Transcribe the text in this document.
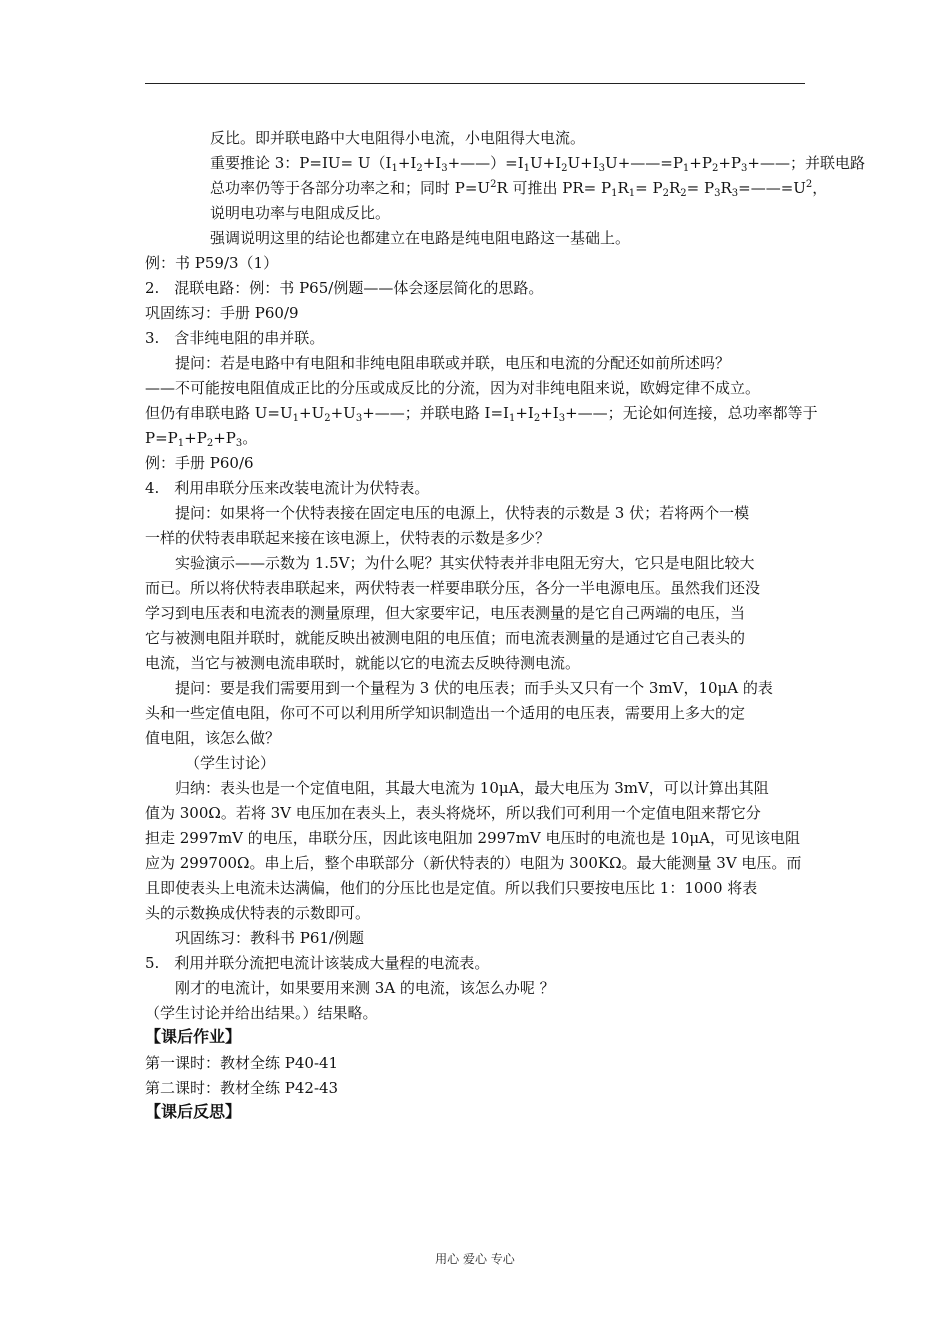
反比。即并联电路中大电阻得小电流，小电阻得大电流。
重要推论 3：$P=IU= U(I_1+I_2+I_3+——)=I_1U+I_2U+I_3U+——=P_1+P_2+P_3+——$；并联电路
总功率仍等于各部分功率之和；同时 $P=U^2R$ 可推出 $PR= P_1R_1= P_2R_2=$ $P_3R_3=——=U^2$，
说明电功率与电阻成反比。
强调说明这里的结论也都建立在电路是纯电阻电路这一基础上。
例：书 P59/3（1）
2.　混联电路：例：书 P65/例题——体会逐层简化的思路。
巩固练习：手册 P60/9
3.　含非纯电阻的串并联。
提问：若是电路中有电阻和非纯电阻串联或并联，电压和电流的分配还如前所述吗？
——不可能按电阻值成正比的分压或成反比的分流，因为对非纯电阻来说，欧姆定律不成立。
但仍有串联电路 $U=U_1+U_2+U_3+——$；并联电路 $I=I_1+I_2+I_3+——$；无论如何连接，总功率都等于
$P=P_1+P_2+P_3$。
例：手册 P60/6
4.　利用串联分压来改装电流计为伏特表。
提问：如果将一个伏特表接在固定电压的电源上，伏特表的示数是 3 伏；若将两个一模
一样的伏特表串联起来接在该电源上，伏特表的示数是多少？
实验演示——示数为 1.5V；为什么呢？其实伏特表并非电阻无穷大，它只是电阻比较大
而已。所以将伏特表串联起来，两伏特表一样要串联分压，各分一半电源电压。虽然我们还没
学习到电压表和电流表的测量原理，但大家要牢记，电压表测量的是它自己两端的电压，当
它与被测电阻并联时，就能反映出被测电阻的电压值；而电流表测量的是通过它自己表头的
电流，当它与被测电流串联时，就能以它的电流去反映待测电流。
提问：要是我们需要用到一个量程为 3 伏的电压表；而手头又只有一个 3mV，10μA 的表
头和一些定值电阻，你可不可以利用所学知识制造出一个适用的电压表，需要用上多大的定
值电阻，该怎么做？
（学生讨论）
归纳：表头也是一个定值电阻，其最大电流为 10μA，最大电压为 3mV，可以计算出其阻
值为 300Ω。若将 3V 电压加在表头上，表头将烧坏，所以我们可利用一个定值电阻来帮它分
担走 2997mV 的电压，串联分压，因此该电阻加 2997mV 电压时的电流也是 10μA，可见该电阻
应为 299700Ω。串上后，整个串联部分（新伏特表的）电阻为 300KΩ。最大能测量 3V 电压。而
且即使表头上电流未达满偏，他们的分压比也是定值。所以我们只要按电压比 1：1000 将表
头的示数换成伏特表的示数即可。
巩固练习：教科书 P61/例题
5.　利用并联分流把电流计该装成大量程的电流表。
刚才的电流计，如果要用来测 3A 的电流，该怎么办呢 ？
（学生讨论并给出结果。）结果略。
【课后作业】
第一课时：教材全练 P40-41
第二课时：教材全练 P42-43
【课后反思】
用心 爱心 专心
